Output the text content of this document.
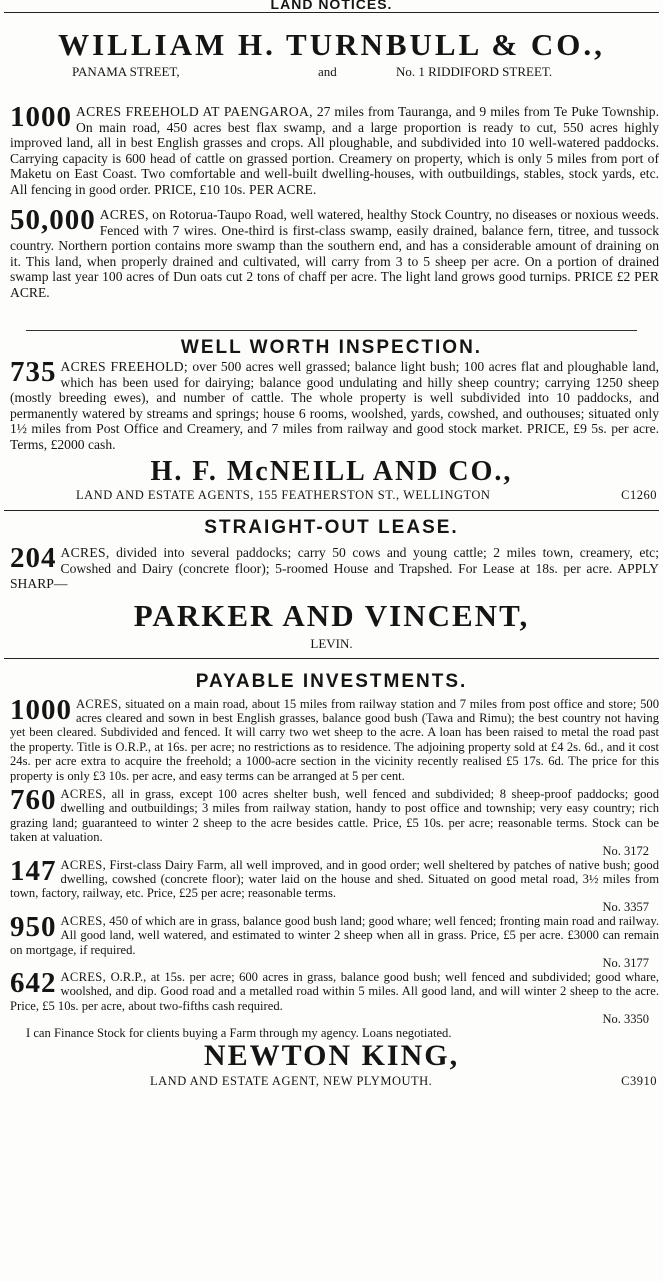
LAND NOTICES.
WILLIAM H. TURNBULL & CO.,
PANAMA STREET,	and	No. 1 RIDDIFORD STREET.
1000 ACRES FREEHOLD AT PAENGAROA, 27 miles from Tauranga, and 9 miles from Te Puke Township. On main road, 450 acres best flax swamp, and a large proportion is ready to cut, 550 acres highly improved land, all in best English grasses and crops. All ploughable, and subdivided into 10 well-watered paddocks. Carrying capacity is 600 head of cattle on grassed portion. Creamery on property, which is only 5 miles from port of Maketu on East Coast. Two comfortable and well-built dwelling-houses, with outbuildings, stables, stock yards, etc. All fencing in good order. PRICE, £10 10s. PER ACRE.
50,000 ACRES, on Rotorua-Taupo Road, well watered, healthy Stock Country, no diseases or noxious weeds. Fenced with 7 wires. One-third is first-class swamp, easily drained, balance fern, titree, and tussock country. Northern portion contains more swamp than the southern end, and has a considerable amount of draining on it. This land, when properly drained and cultivated, will carry from 3 to 5 sheep per acre. On a portion of drained swamp last year 100 acres of Dun oats cut 2 tons of chaff per acre. The light land grows good turnips. PRICE £2 PER ACRE.
WELL WORTH INSPECTION.
735 ACRES FREEHOLD; over 500 acres well grassed; balance light bush; 100 acres flat and ploughable land, which has been used for dairying; balance good undulating and hilly sheep country; carrying 1250 sheep (mostly breeding ewes), and number of cattle. The whole property is well subdivided into 10 paddocks, and permanently watered by streams and springs; house 6 rooms, woolshed, yards, cowshed, and outhouses; situated only 1½ miles from Post Office and Creamery, and 7 miles from railway and good stock market. PRICE, £9 5s. per acre. Terms, £2000 cash.
H. F. McNEILL AND CO.,
LAND AND ESTATE AGENTS, 155 FEATHERSTON ST., WELLINGTON	C1260
STRAIGHT-OUT LEASE.
204 ACRES, divided into several paddocks; carry 50 cows and young cattle; 2 miles town, creamery, etc; Cowshed and Dairy (concrete floor); 5-roomed House and Trapshed. For Lease at 18s. per acre. APPLY SHARP—
PARKER AND VINCENT,
LEVIN.
PAYABLE INVESTMENTS.
1000 ACRES, situated on a main road, about 15 miles from railway station and 7 miles from post office and store; 500 acres cleared and sown in best English grasses, balance good bush (Tawa and Rimu); the best country not having yet been cleared. Subdivided and fenced. It will carry two wet sheep to the acre. A loan has been raised to metal the road past the property. Title is O.R.P., at 16s. per acre; no restrictions as to residence. The adjoining property sold at £4 2s. 6d., and it cost 24s. per acre extra to acquire the freehold; a 1000-acre section in the vicinity recently realised £5 17s. 6d. The price for this property is only £3 10s. per acre, and easy terms can be arranged at 5 per cent.
760 ACRES, all in grass, except 100 acres shelter bush, well fenced and subdivided; 8 sheep-proof paddocks; good dwelling and outbuildings; 3 miles from railway station, handy to post office and township; very easy country; rich grazing land; guaranteed to winter 2 sheep to the acre besides cattle. Price, £5 10s. per acre; reasonable terms. Stock can be taken at valuation.
No. 3172
147 ACRES, First-class Dairy Farm, all well improved, and in good order; well sheltered by patches of native bush; good dwelling, cowshed (concrete floor); water laid on the house and shed. Situated on good metal road, 3½ miles from town, factory, railway, etc. Price, £25 per acre; reasonable terms.
No. 3357
950 ACRES, 450 of which are in grass, balance good bush land; good whare; well fenced; fronting main road and railway. All good land, well watered, and estimated to winter 2 sheep when all in grass. Price, £5 per acre. £3000 can remain on mortgage, if required.
No. 3177
642 ACRES, O.R.P., at 15s. per acre; 600 acres in grass, balance good bush; well fenced and subdivided; good whare, woolshed, and dip. Good road and a metalled road within 5 miles. All good land, and will winter 2 sheep to the acre. Price, £5 10s. per acre, about two-fifths cash required.
No. 3350
I can Finance Stock for clients buying a Farm through my agency. Loans negotiated.
NEWTON KING,
LAND AND ESTATE AGENT, NEW PLYMOUTH.	C3910
